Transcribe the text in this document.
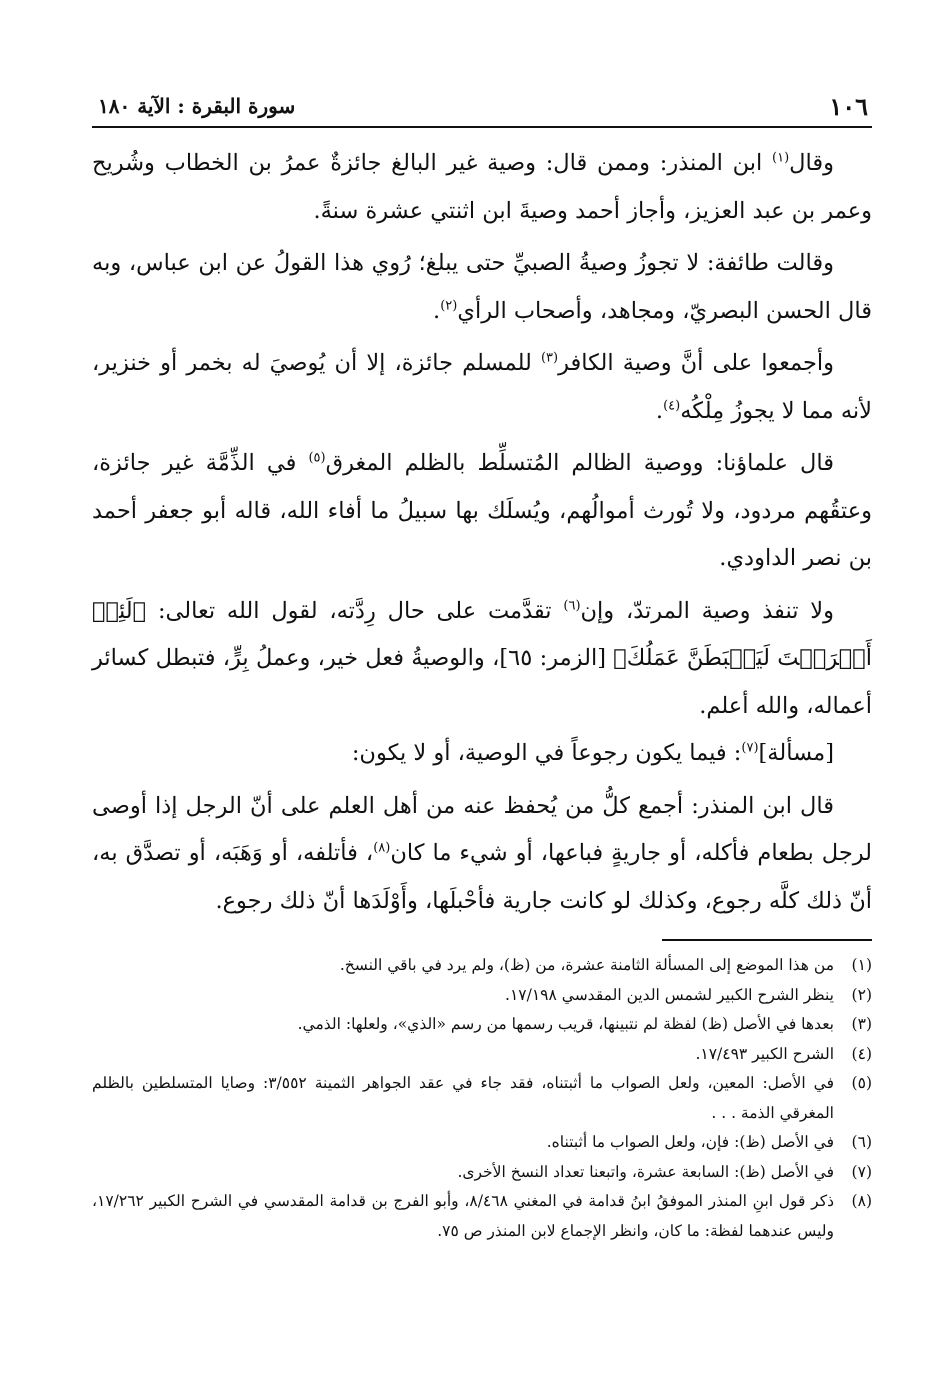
١٠٦
سورة البقرة : الآية ١٨٠

وقال$^{(١)}$ ابن المنذر: وممن قال: وصية غير البالغ جائزةٌ عمرُ بن الخطاب وشُريح وعمر بن عبد العزيز، وأجاز أحمد وصيةَ ابن اثنتي عشرة سنةً.

وقالت طائفة: لا تجوزُ وصيةُ الصبيِّ حتى يبلغ؛ رُوي هذا القولُ عن ابن عباس، وبه قال الحسن البصريّ، ومجاهد، وأصحاب الرأي$^{(٢)}$.

وأجمعوا على أنَّ وصية الكافر$^{(٣)}$ للمسلم جائزة، إلا أن يُوصيَ له بخمر أو خنزير، لأنه مما لا يجوزُ مِلْكُه$^{(٤)}$.

قال علماؤنا: ووصية الظالم المُتسلِّط بالظلم المغرق$^{(٥)}$ في الذِّمَّة غير جائزة، وعتقُهم مردود، ولا تُورث أموالُهم، ويُسلَك بها سبيلُ ما أفاء الله، قاله أبو جعفر أحمد بن نصر الداودي.

ولا تنفذ وصية المرتدّ، وإن$^{(٦)}$ تقدَّمت على حال رِدَّته، لقول الله تعالى: ﴿لَئِنۡ أَشۡرَكۡتَ لَيَحۡبَطَنَّ عَمَلُكَ﴾ [الزمر: ٦٥]، والوصيةُ فعل خير، وعملُ بِرٍّ، فتبطل كسائر أعماله، والله أعلم.

[مسألة]$^{(٧)}$: فيما يكون رجوعاً في الوصية، أو لا يكون:

قال ابن المنذر: أجمع كلُّ من يُحفظ عنه من أهل العلم على أنّ الرجل إذا أوصى لرجل بطعام فأكله، أو جاريةٍ فباعها، أو شيء ما كان$^{(٨)}$، فأتلفه، أو وَهَبَه، أو تصدَّق به، أنّ ذلك كلَّه رجوع، وكذلك لو كانت جارية فأحْبلَها، وأَوْلَدَها أنّ ذلك رجوع.

(١)
من هذا الموضع إلى المسألة الثامنة عشرة، من (ظ)، ولم يرد في باقي النسخ.
(٢)
ينظر الشرح الكبير لشمس الدين المقدسي ١٧/١٩٨.
(٣)
بعدها في الأصل (ظ) لفظة لم نتبينها، قريب رسمها من رسم «الذي»، ولعلها: الذمي.
(٤)
الشرح الكبير ١٧/٤٩٣.
(٥)
في الأصل: المعين، ولعل الصواب ما أثبتناه، فقد جاء في عقد الجواهر الثمينة ٣/٥٥٢: وصايا المتسلطين بالظلم المغرقي الذمة . . .
(٦)
في الأصل (ظ): فإن، ولعل الصواب ما أثبتناه.
(٧)
في الأصل (ظ): السابعة عشرة، واتبعنا تعداد النسخ الأخرى.
(٨)
ذكر قول ابنِ المنذر الموفقُ ابنُ قدامة في المغني ٨/٤٦٨، وأبو الفرج بن قدامة المقدسي في الشرح الكبير ١٧/٢٦٢، وليس عندهما لفظة: ما كان، وانظر الإجماع لابن المنذر ص ٧٥.
